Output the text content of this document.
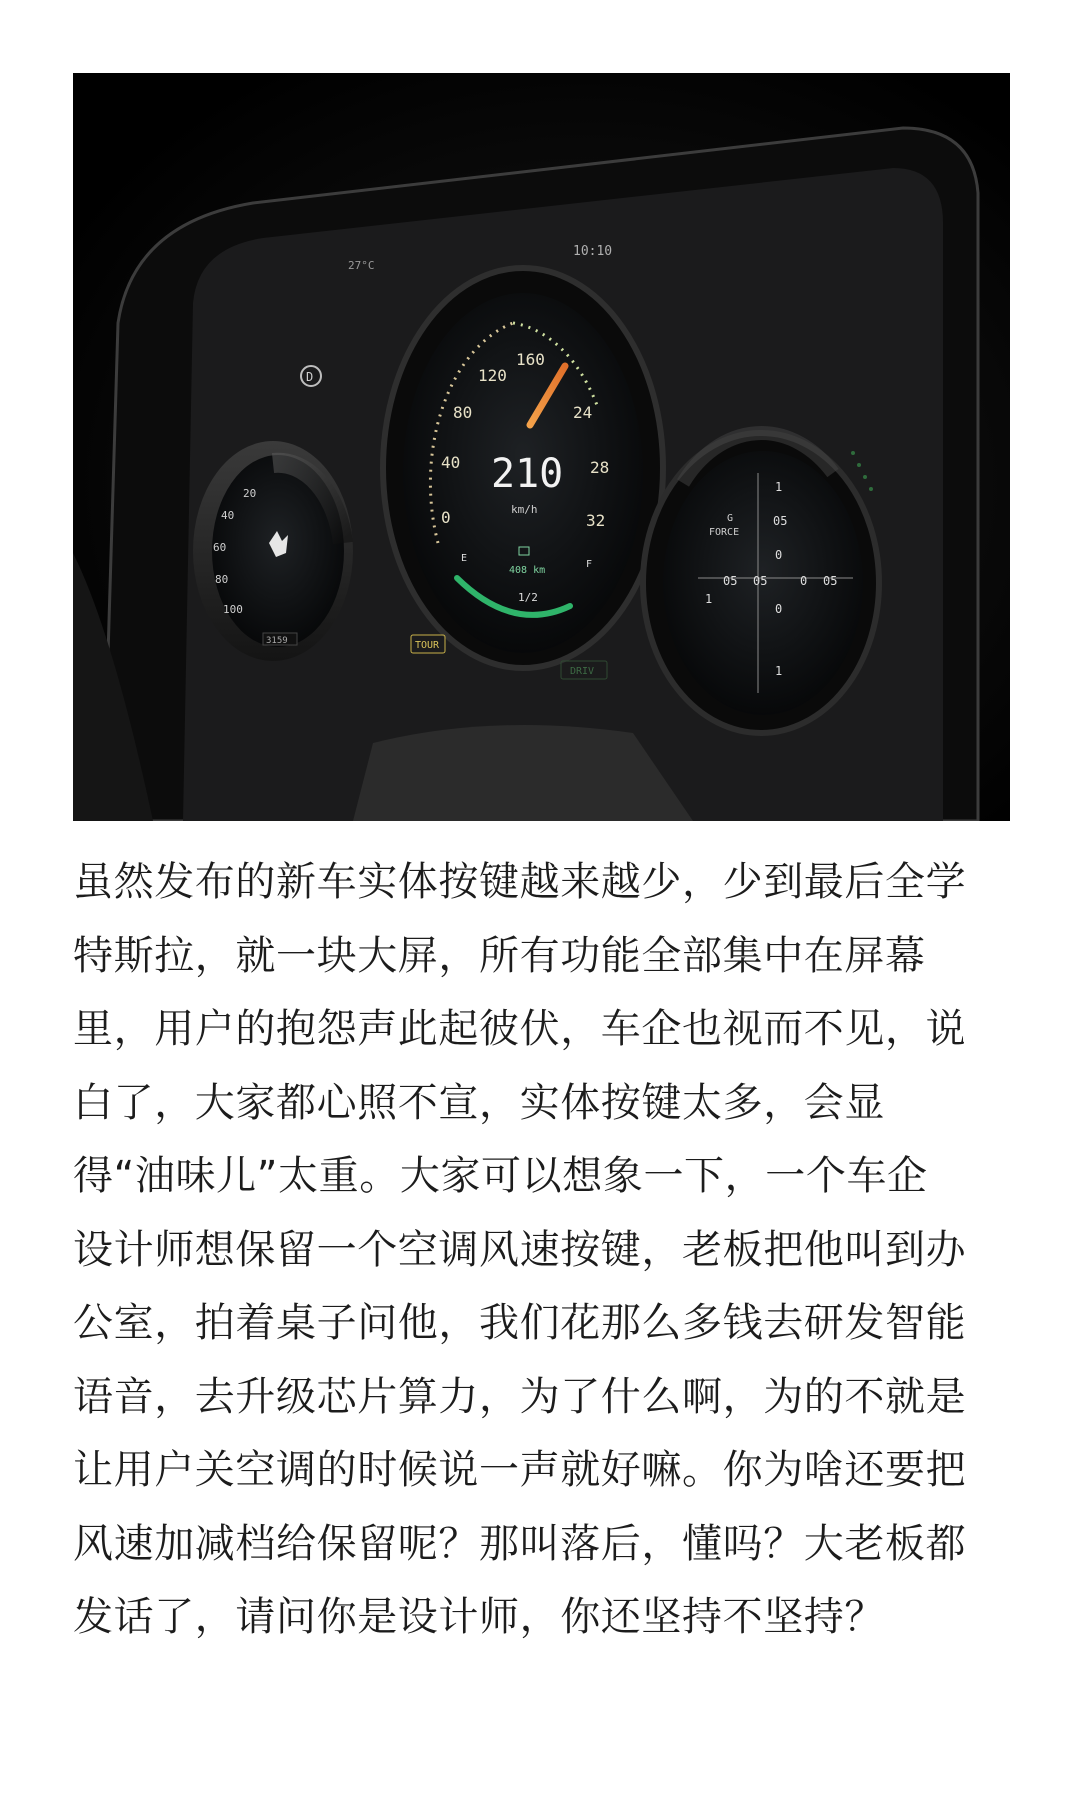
27°C
10:10
D
20
40
60
80
100
3159
0
40
80
120
160
24
28
32
210
km/h
408 km
E
F
1/2
TOUR
DRIV
G
FORCE
1
05
0
05
1
05
0
0 05
1
虽然发布的新车实体按键越来越少，少到最后全学
特斯拉，就一块大屏，所有功能全部集中在屏幕
里，用户的抱怨声此起彼伏，车企也视而不见，说
白了，大家都心照不宣，实体按键太多，会显
得“油味儿”太重。大家可以想象一下，一个车企
设计师想保留一个空调风速按键，老板把他叫到办
公室，拍着桌子问他，我们花那么多钱去研发智能
语音，去升级芯片算力，为了什么啊，为的不就是
让用户关空调的时候说一声就好嘛。你为啥还要把
风速加减档给保留呢？那叫落后，懂吗？大老板都
发话了，请问你是设计师，你还坚持不坚持？
